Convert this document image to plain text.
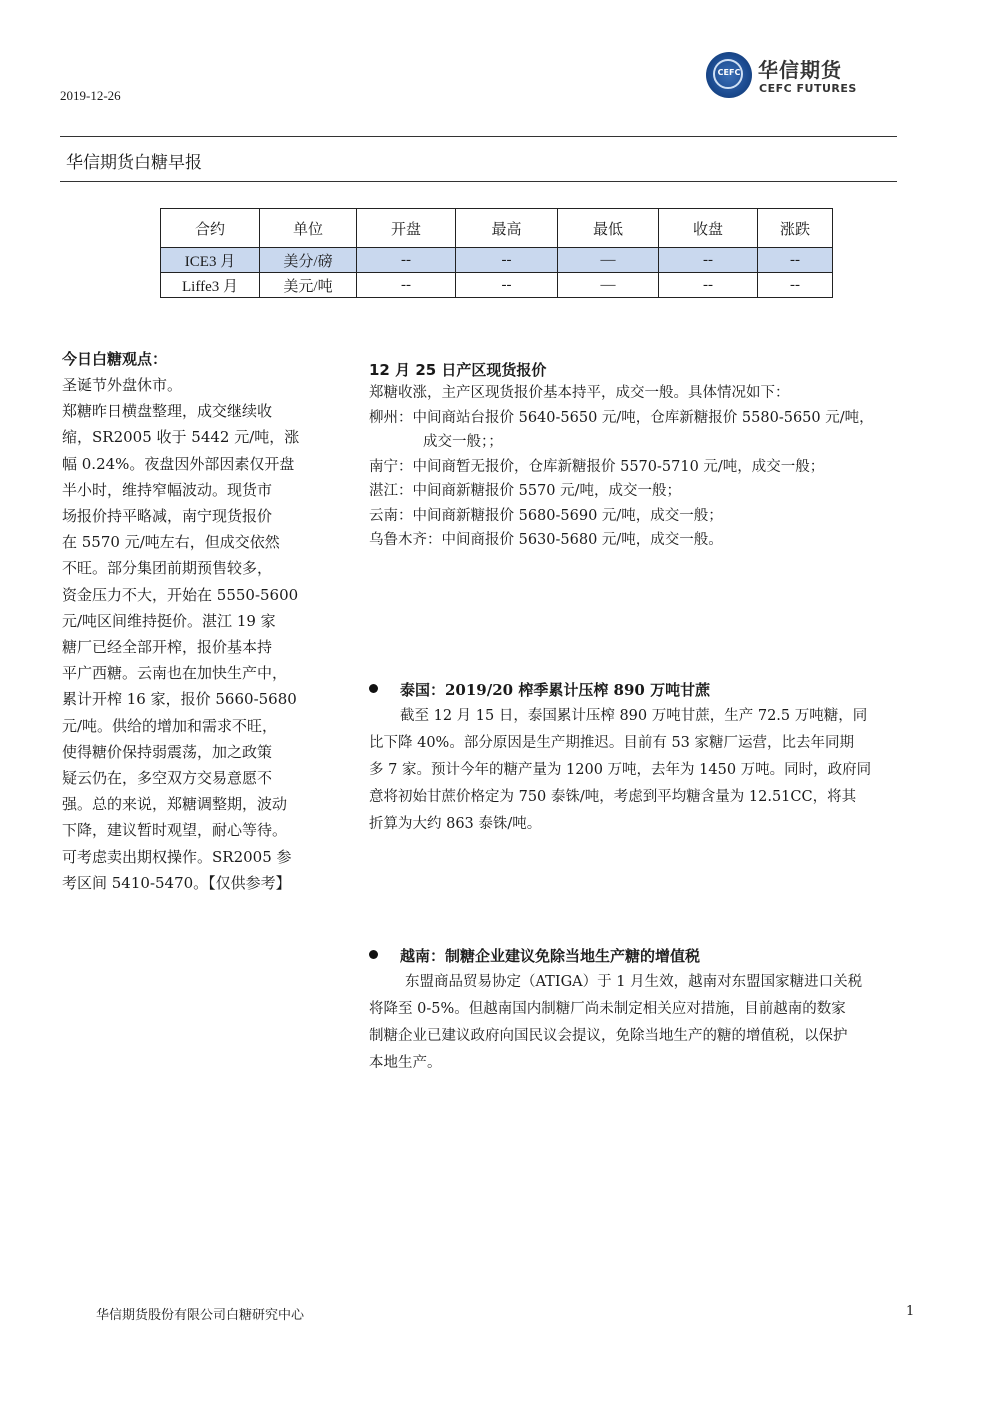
2019-12-26
CEFC 华信期货
CEFC FUTURES
华信期货白糖早报
合约	单位	开盘	最高	最低	收盘	涨跌
ICE3 月	美分/磅	--	--	—	--	--
Liffe3 月	美元/吨	--	--	—	--	--
今日白糖观点：
圣诞节外盘休市。
郑糖昨日横盘整理，成交继续收
缩，SR2005 收于 5442 元/吨，涨
幅 0.24%。夜盘因外部因素仅开盘
半小时，维持窄幅波动。现货市
场报价持平略减，南宁现货报价
在 5570 元/吨左右，但成交依然
不旺。部分集团前期预售较多，
资金压力不大，开始在 5550-5600
元/吨区间维持挺价。湛江 19 家
糖厂已经全部开榨，报价基本持
平广西糖。云南也在加快生产中，
累计开榨 16 家，报价 5660-5680
元/吨。供给的增加和需求不旺，
使得糖价保持弱震荡，加之政策
疑云仍在，多空双方交易意愿不
强。总的来说，郑糖调整期，波动
下降，建议暂时观望，耐心等待。
可考虑卖出期权操作。SR2005 参
考区间 5410-5470。【仅供参考】
12 月 25 日产区现货报价
郑糖收涨，主产区现货报价基本持平，成交一般。具体情况如下：
柳州：中间商站台报价 5640-5650 元/吨，仓库新糖报价 5580-5650 元/吨，
成交一般；；
南宁：中间商暂无报价，仓库新糖报价 5570-5710 元/吨，成交一般；
湛江：中间商新糖报价 5570 元/吨，成交一般；
云南：中间商新糖报价 5680-5690 元/吨，成交一般；
乌鲁木齐：中间商报价 5630-5680 元/吨，成交一般。
泰国：2019/20 榨季累计压榨 890 万吨甘蔗
截至 12 月 15 日，泰国累计压榨 890 万吨甘蔗，生产 72.5 万吨糖，同
比下降 40%。部分原因是生产期推迟。目前有 53 家糖厂运营，比去年同期
多 7 家。预计今年的糖产量为 1200 万吨，去年为 1450 万吨。同时，政府同
意将初始甘蔗价格定为 750 泰铢/吨，考虑到平均糖含量为 12.51CC，将其
折算为大约 863 泰铢/吨。
越南：制糖企业建议免除当地生产糖的增值税
东盟商品贸易协定（ATIGA）于 1 月生效，越南对东盟国家糖进口关税
将降至 0-5%。但越南国内制糖厂尚未制定相关应对措施，目前越南的数家
制糖企业已建议政府向国民议会提议，免除当地生产的糖的增值税，以保护
本地生产。
华信期货股份有限公司白糖研究中心	1
